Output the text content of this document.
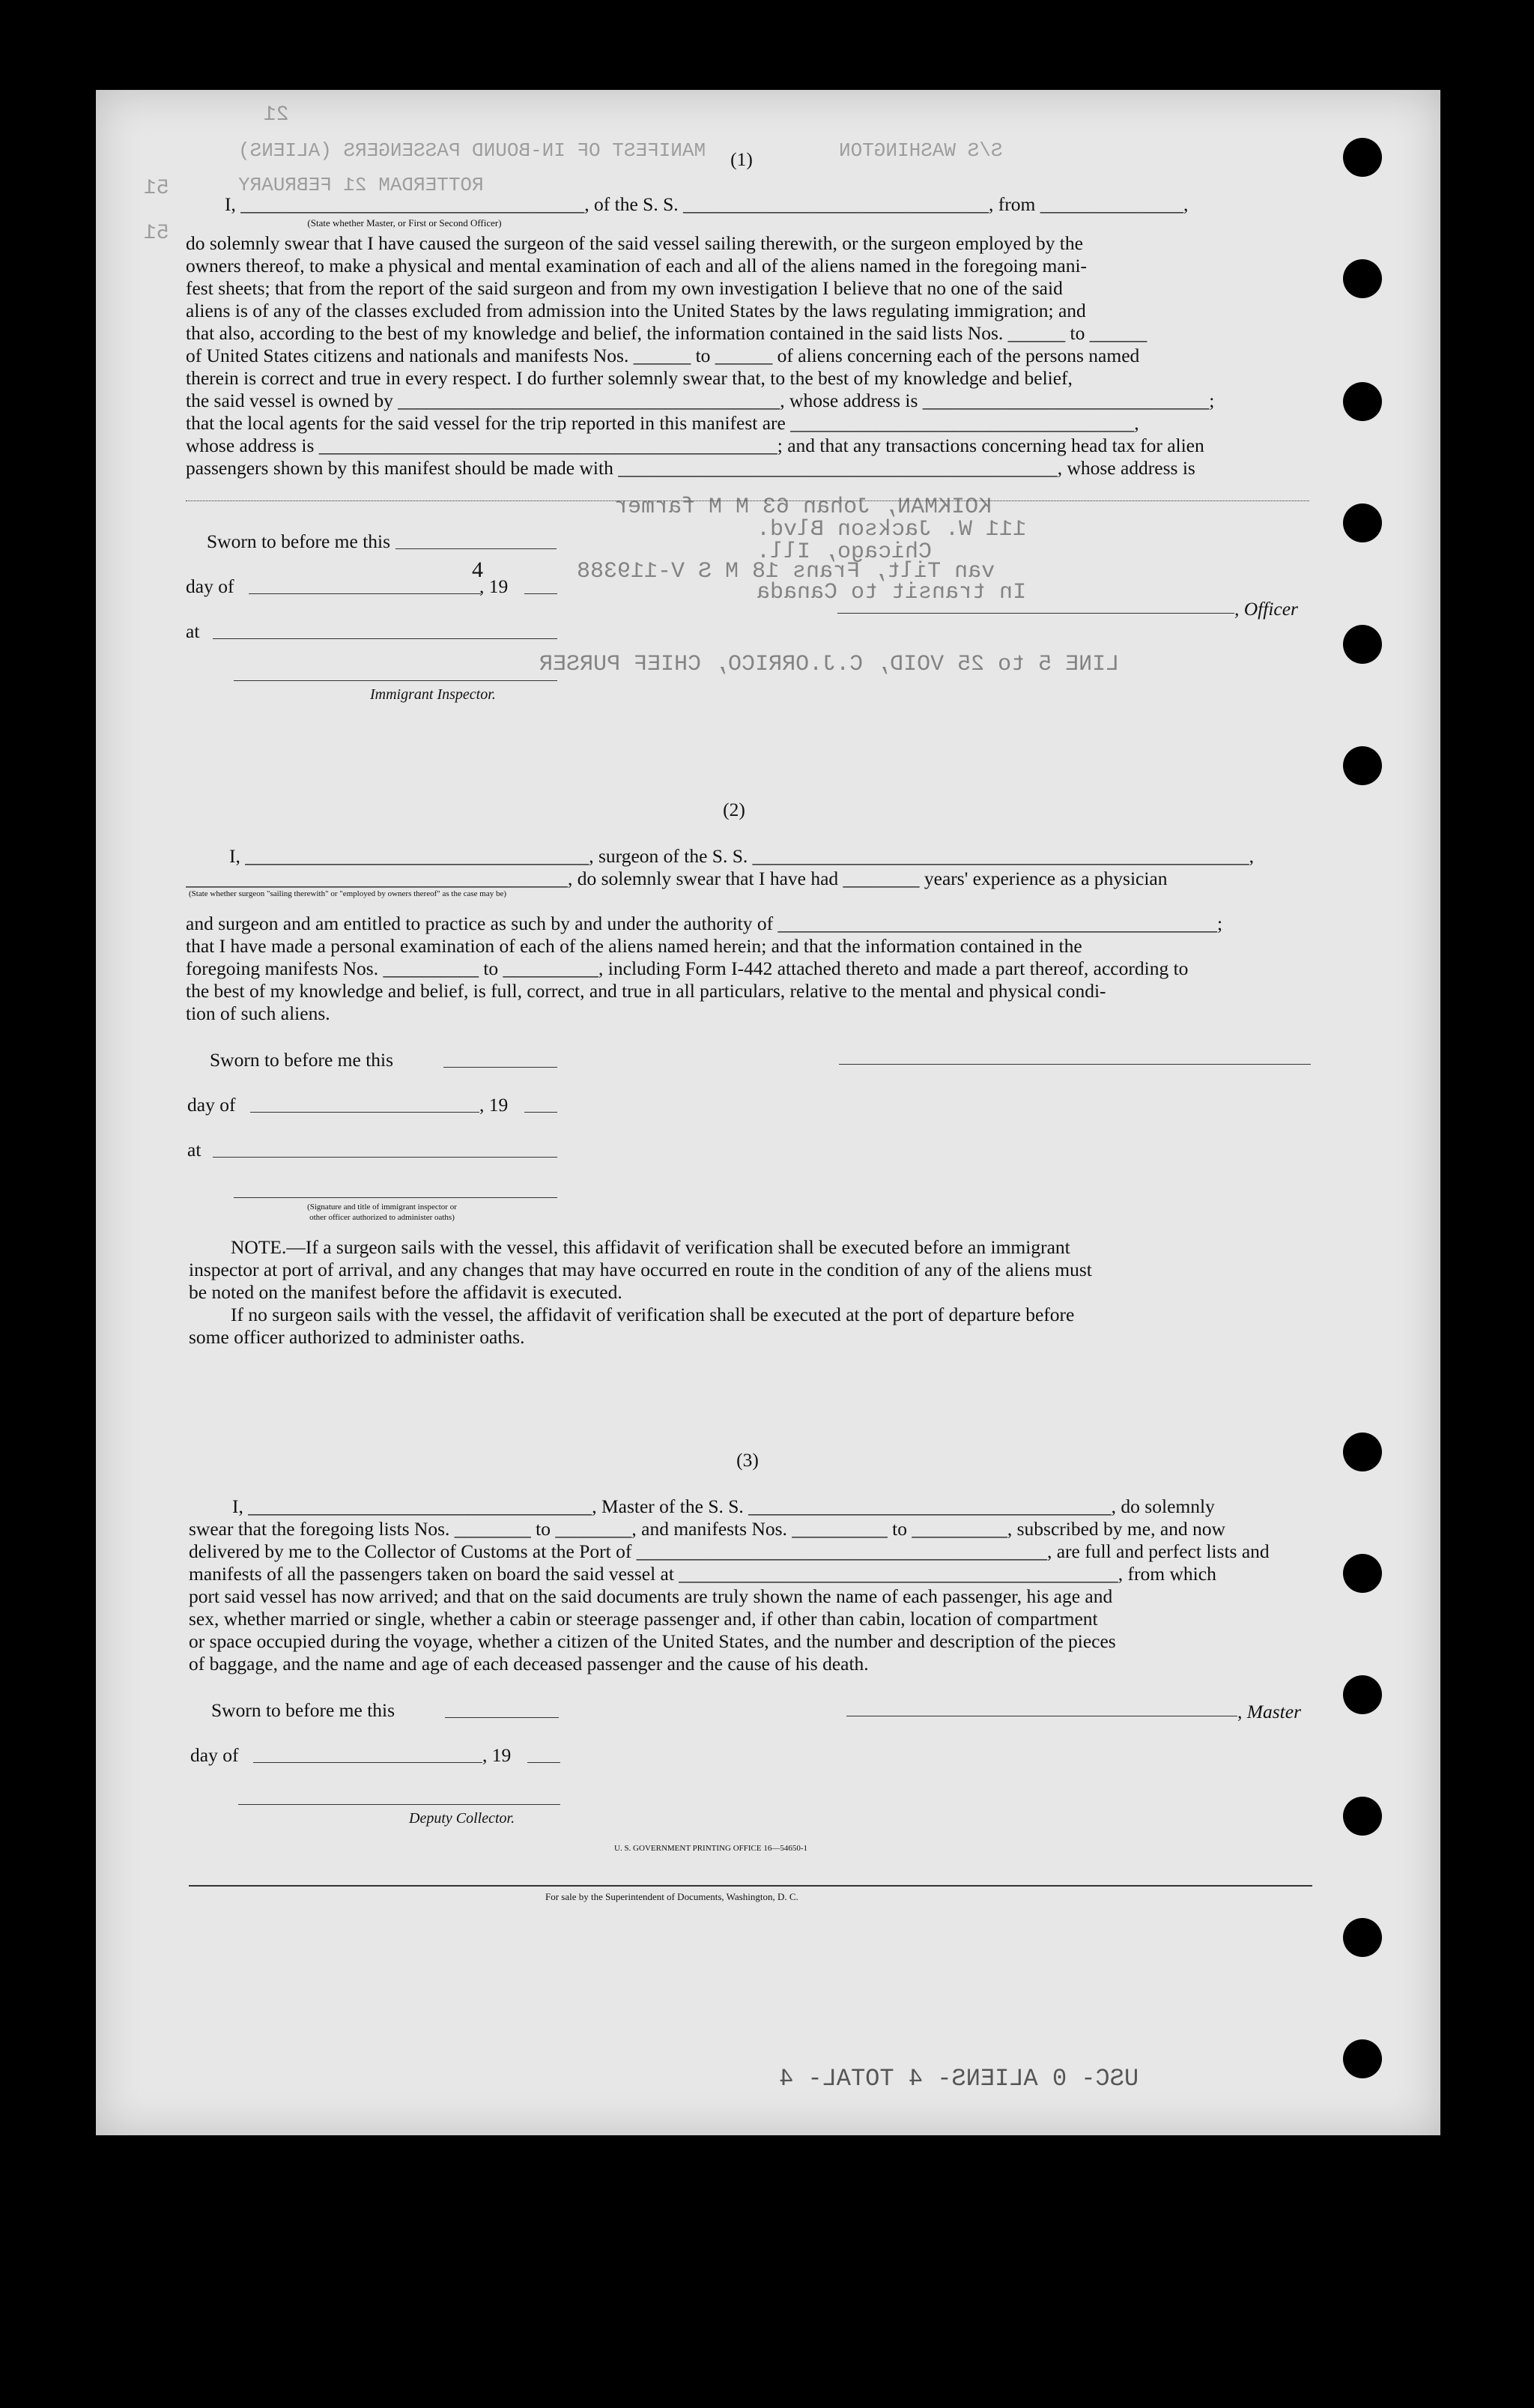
21
MANIFEST OF IN-BOUND PASSENGERS (ALIENS)
ROTTERDAM 21 FEBRUARY
S/S WASHINGTON
51
51
KOIKMAN, Johan 63 M M farmer
111 W. Jackson Blvd.
Chicago, Ill.
van Tilt, Frans 18 M S V-119388
In transit to Canada
LINE 5 to 25 VOID, C.J.ORRICO, CHIEF PURSER
(1)
I, ____________________________________, of the S. S. ________________________________, from _______________,
(State whether Master, or First or Second Officer)
do solemnly swear that I have caused the surgeon of the said vessel sailing therewith, or the surgeon employed by the
owners thereof, to make a physical and mental examination of each and all of the aliens named in the foregoing mani-
fest sheets; that from the report of the said surgeon and from my own investigation I believe that no one of the said
aliens is of any of the classes excluded from admission into the United States by the laws regulating immigration; and
that also, according to the best of my knowledge and belief, the information contained in the said lists Nos. ______ to ______
of United States citizens and nationals and manifests Nos. ______ to ______ of aliens concerning each of the persons named
therein is correct and true in every respect. I do further solemnly swear that, to the best of my knowledge and belief,
the said vessel is owned by ________________________________________, whose address is ______________________________;
that the local agents for the said vessel for the trip reported in this manifest are ____________________________________,
whose address is ________________________________________________; and that any transactions concerning head tax for alien
passengers shown by this manifest should be made with ______________________________________________, whose address is
Sworn to before me this
day of
4
, 19
at
, Officer
Immigrant Inspector.
(2)
I, ____________________________________, surgeon of the S. S. ____________________________________________________,
________________________________________, do solemnly swear that I have had ________ years' experience as a physician
(State whether surgeon "sailing therewith" or "employed by owners thereof" as the case may be)
and surgeon and am entitled to practice as such by and under the authority of ______________________________________________;
that I have made a personal examination of each of the aliens named herein; and that the information contained in the
foregoing manifests Nos. __________ to __________, including Form I-442 attached thereto and made a part thereof, according to
the best of my knowledge and belief, is full, correct, and true in all particulars, relative to the mental and physical condi-
tion of such aliens.
Sworn to before me this
day of	, 19
at
(Signature and title of immigrant inspector or
other officer authorized to administer oaths)
NOTE.—If a surgeon sails with the vessel, this affidavit of verification shall be executed before an immigrant
inspector at port of arrival, and any changes that may have occurred en route in the condition of any of the aliens must
be noted on the manifest before the affidavit is executed.
If no surgeon sails with the vessel, the affidavit of verification shall be executed at the port of departure before
some officer authorized to administer oaths.
(3)
I, ____________________________________, Master of the S. S. ______________________________________, do solemnly
swear that the foregoing lists Nos. ________ to ________, and manifests Nos. __________ to __________, subscribed by me, and now
delivered by me to the Collector of Customs at the Port of ___________________________________________, are full and perfect lists and
manifests of all the passengers taken on board the said vessel at ______________________________________________, from which
port said vessel has now arrived; and that on the said documents are truly shown the name of each passenger, his age and
sex, whether married or single, whether a cabin or steerage passenger and, if other than cabin, location of compartment
or space occupied during the voyage, whether a citizen of the United States, and the number and description of the pieces
of baggage, and the name and age of each deceased passenger and the cause of his death.
Sworn to before me this	, Master
day of	, 19
Deputy Collector.
U. S. GOVERNMENT PRINTING OFFICE 16—54650-1
For sale by the Superintendent of Documents, Washington, D. C.
USC- 0 ALIENS- 4 TOTAL- 4
